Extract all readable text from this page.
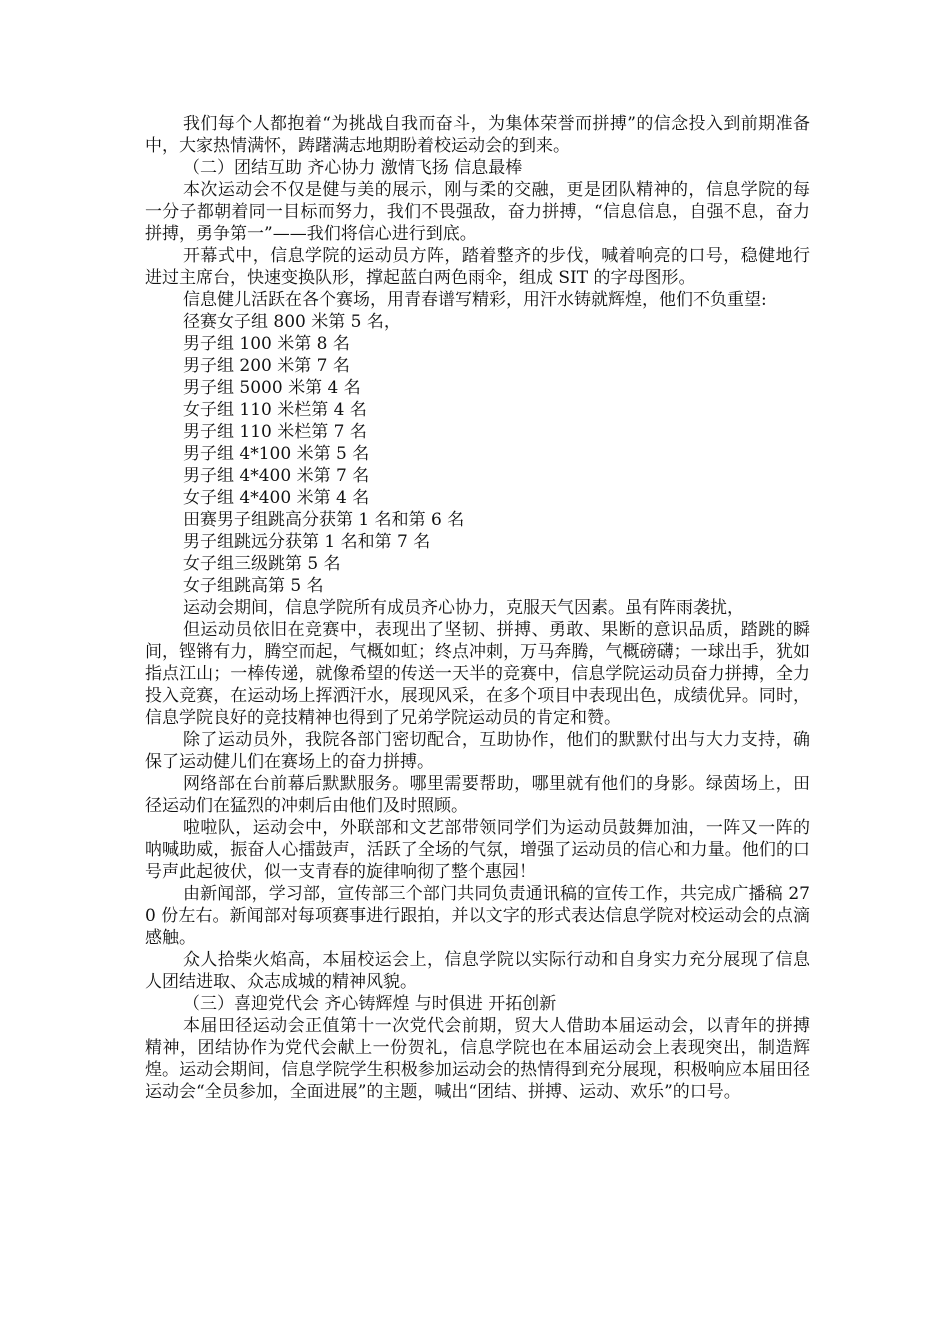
我们每个人都抱着“为挑战自我而奋斗，为集体荣誉而拼搏”的信念投入到前期准备中，大家热情满怀，踌躇满志地期盼着校运动会的到来。

（二）团结互助 齐心协力 激情飞扬 信息最棒

本次运动会不仅是健与美的展示，刚与柔的交融，更是团队精神的，信息学院的每一分子都朝着同一目标而努力，我们不畏强敌，奋力拼搏，“信息信息，自强不息，奋力拼搏，勇争第一”——我们将信心进行到底。

开幕式中，信息学院的运动员方阵，踏着整齐的步伐，喊着响亮的口号，稳健地行进过主席台，快速变换队形，撑起蓝白两色雨伞，组成 SIT 的字母图形。

信息健儿活跃在各个赛场，用青春谱写精彩，用汗水铸就辉煌，他们不负重望:

径赛女子组 800 米第 5 名，

男子组 100 米第 8 名

男子组 200 米第 7 名

男子组 5000 米第 4 名

女子组 110 米栏第 4 名

男子组 110 米栏第 7 名

男子组 4*100 米第 5 名

男子组 4*400 米第 7 名

女子组 4*400 米第 4 名

田赛男子组跳高分获第 1 名和第 6 名

男子组跳远分获第 1 名和第 7 名

女子组三级跳第 5 名

女子组跳高第 5 名

运动会期间，信息学院所有成员齐心协力，克服天气因素。虽有阵雨袭扰，

但运动员依旧在竞赛中，表现出了坚韧、拼搏、勇敢、果断的意识品质，踏跳的瞬间，铿锵有力，腾空而起，气概如虹；终点冲刺，万马奔腾，气概磅礴；一球出手，犹如指点江山；一棒传递，就像希望的传送一天半的竞赛中，信息学院运动员奋力拼搏，全力投入竞赛，在运动场上挥洒汗水，展现风采，在多个项目中表现出色，成绩优异。同时，信息学院良好的竞技精神也得到了兄弟学院运动员的肯定和赞。

除了运动员外，我院各部门密切配合，互助协作，他们的默默付出与大力支持，确保了运动健儿们在赛场上的奋力拼搏。

网络部在台前幕后默默服务。哪里需要帮助，哪里就有他们的身影。绿茵场上，田径运动们在猛烈的冲刺后由他们及时照顾。

啦啦队，运动会中，外联部和文艺部带领同学们为运动员鼓舞加油，一阵又一阵的呐喊助威，振奋人心擂鼓声，活跃了全场的气氛，增强了运动员的信心和力量。他们的口号声此起彼伏，似一支青春的旋律响彻了整个惠园！

由新闻部，学习部，宣传部三个部门共同负责通讯稿的宣传工作，共完成广播稿 270 份左右。新闻部对每项赛事进行跟拍，并以文字的形式表达信息学院对校运动会的点滴感触。

众人拾柴火焰高，本届校运会上，信息学院以实际行动和自身实力充分展现了信息人团结进取、众志成城的精神风貌。

（三）喜迎党代会 齐心铸辉煌 与时俱进 开拓创新

本届田径运动会正值第十一次党代会前期，贸大人借助本届运动会，以青年的拼搏精神，团结协作为党代会献上一份贺礼，信息学院也在本届运动会上表现突出，制造辉煌。运动会期间，信息学院学生积极参加运动会的热情得到充分展现，积极响应本届田径运动会“全员参加，全面进展”的主题，喊出“团结、拼搏、运动、欢乐”的口号。
